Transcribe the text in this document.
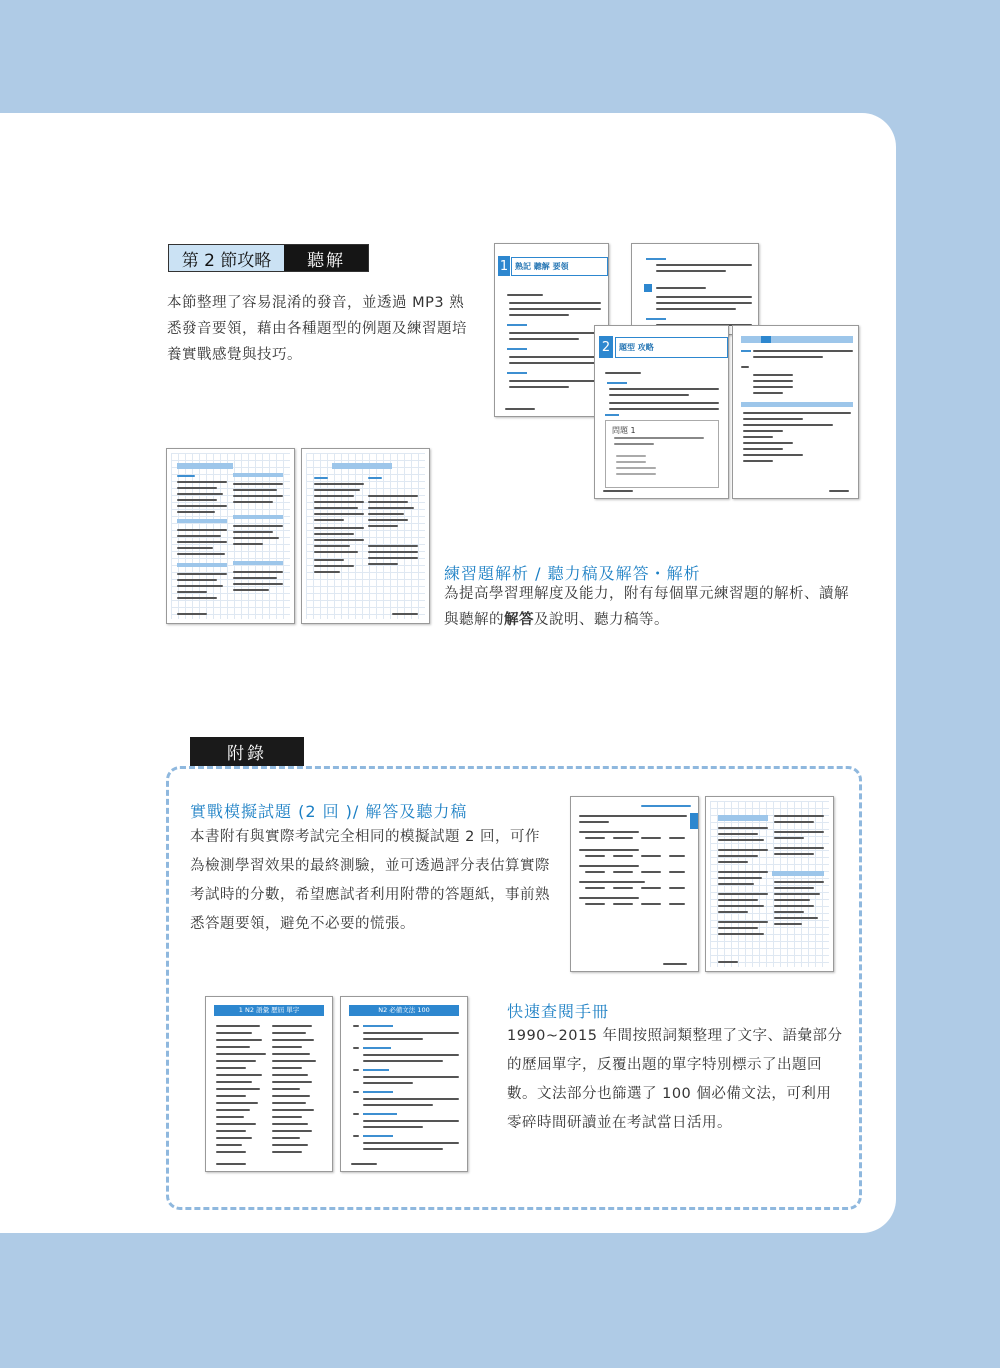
第 2 節攻略	聽解
本節整理了容易混淆的發音，並透過 MP3 熟
悉發音要領，藉由各種題型的例題及練習題培
養實戰感覺與技巧。
1 熟記 聽解 要領
2	題型 攻略
問題 1
練習題解析 / 聽力稿及解答・解析
為提高學習理解度及能力，附有每個單元練習題的解析、讀解
與聽解的解答及說明、聽力稿等。
附錄
實戰模擬試題 (2 回 )/ 解答及聽力稿
本書附有與實際考試完全相同的模擬試題 2 回，可作
為檢測學習效果的最終測驗，並可透過評分表估算實際
考試時的分數，希望應試者利用附帶的答題紙，事前熟
悉答題要領，避免不必要的慌張。
1 N2 語彙 歷屆 單字	N2 必備文法 100	快速查閱手冊
1990~2015 年間按照詞類整理了文字、語彙部分
的歷屆單字，反覆出題的單字特別標示了出題回
數。文法部分也篩選了 100 個必備文法，可利用
零碎時間研讀並在考試當日活用。
